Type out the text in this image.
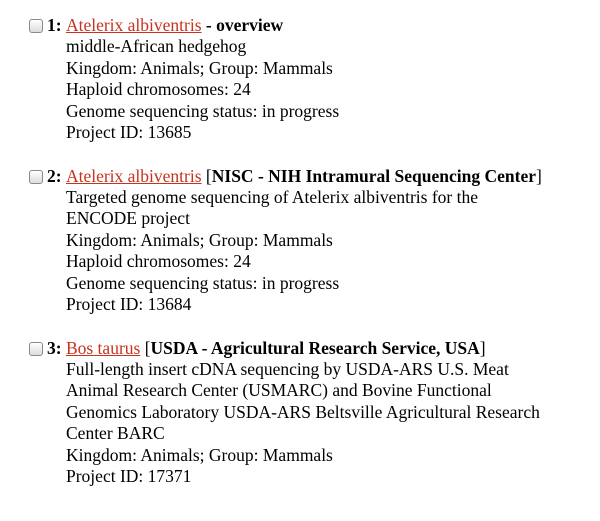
1: Atelerix albiventris - overview
middle-African hedgehog
Kingdom: Animals; Group: Mammals
Haploid chromosomes: 24
Genome sequencing status: in progress
Project ID: 13685
2: Atelerix albiventris [NISC - NIH Intramural Sequencing Center]
Targeted genome sequencing of Atelerix albiventris for the
ENCODE project
Kingdom: Animals; Group: Mammals
Haploid chromosomes: 24
Genome sequencing status: in progress
Project ID: 13684
3: Bos taurus [USDA - Agricultural Research Service, USA]
Full-length insert cDNA sequencing by USDA-ARS U.S. Meat
Animal Research Center (USMARC) and Bovine Functional
Genomics Laboratory USDA-ARS Beltsville Agricultural Research
Center BARC
Kingdom: Animals; Group: Mammals
Project ID: 17371
